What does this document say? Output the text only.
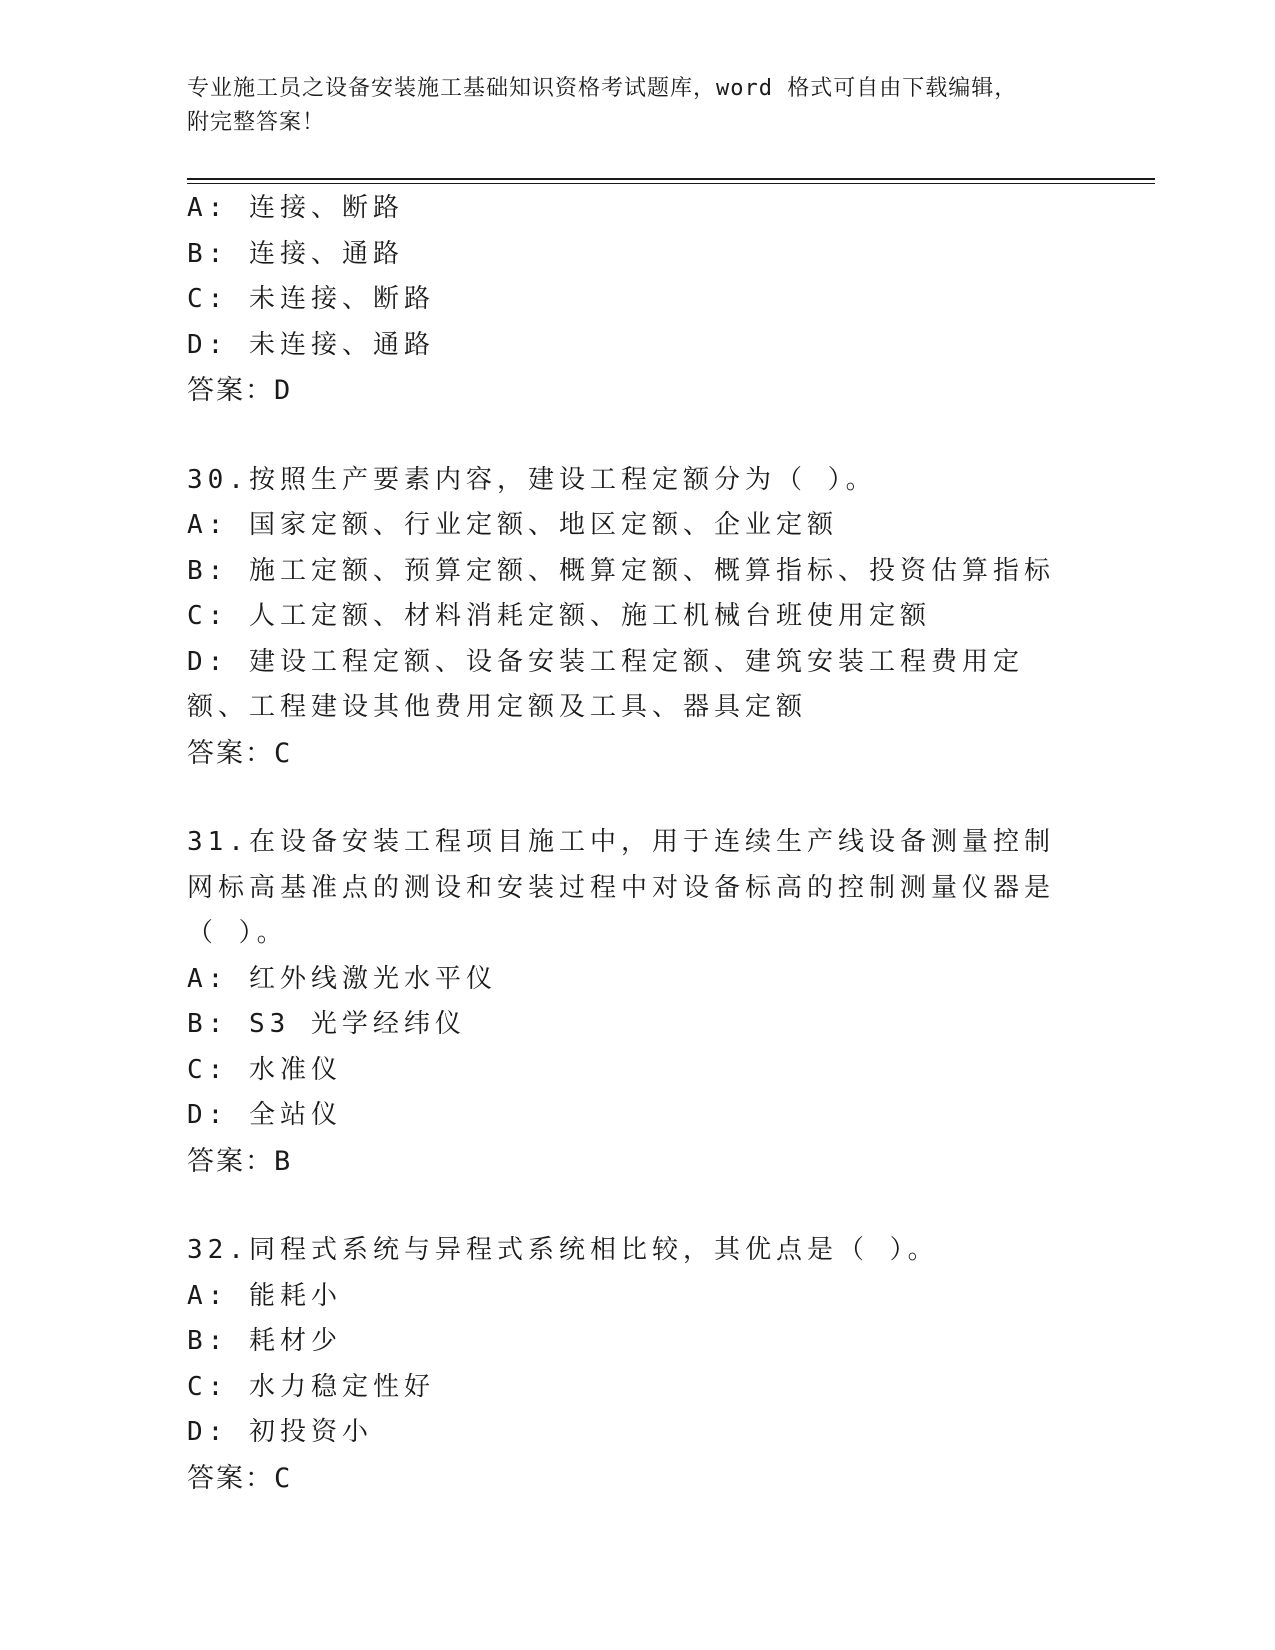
专业施工员之设备安装施工基础知识资格考试题库，word 格式可自由下载编辑，
附完整答案！
A: 连接、断路
B: 连接、通路
C: 未连接、断路
D: 未连接、通路
答案：D
30.按照生产要素内容，建设工程定额分为（ ）。
A: 国家定额、行业定额、地区定额、企业定额
B: 施工定额、预算定额、概算定额、概算指标、投资估算指标
C: 人工定额、材料消耗定额、施工机械台班使用定额
D: 建设工程定额、设备安装工程定额、建筑安装工程费用定额、工程建设其他费用定额及工具、器具定额
答案：C
31.在设备安装工程项目施工中，用于连续生产线设备测量控制网标高基准点的测设和安装过程中对设备标高的控制测量仪器是（ ）。
A: 红外线激光水平仪
B: S3 光学经纬仪
C: 水准仪
D: 全站仪
答案：B
32.同程式系统与异程式系统相比较，其优点是（ ）。
A: 能耗小
B: 耗材少
C: 水力稳定性好
D: 初投资小
答案：C
